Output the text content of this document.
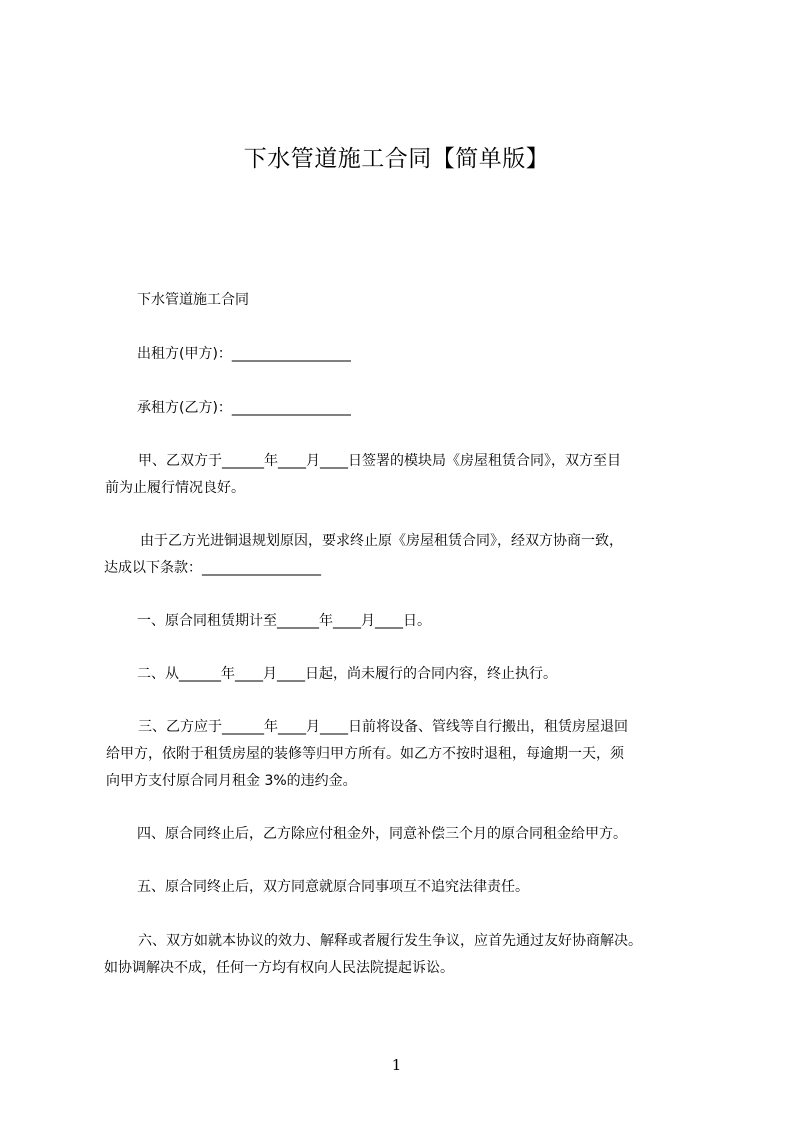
下水管道施工合同【简单版】

下水管道施工合同

出租方(甲方)：_________________

承租方(乙方)：_________________

甲、乙双方于______年____月____日签署的模块局《房屋租赁合同》，双方至目

前为止履行情况良好。

由于乙方光进铜退规划原因，要求终止原《房屋租赁合同》，经双方协商一致，

达成以下条款：_________________

一、原合同租赁期计至______年____月____日。

二、从______年____月____日起，尚未履行的合同内容，终止执行。

三、乙方应于______年____月____日前将设备、管线等自行搬出，租赁房屋退回

给甲方，依附于租赁房屋的装修等归甲方所有。如乙方不按时退租，每逾期一天，须

向甲方支付原合同月租金 3%的违约金。

四、原合同终止后，乙方除应付租金外，同意补偿三个月的原合同租金给甲方。

五、原合同终止后，双方同意就原合同事项互不追究法律责任。

六、双方如就本协议的效力、解释或者履行发生争议，应首先通过友好协商解决。

如协调解决不成，任何一方均有权向人民法院提起诉讼。

1
